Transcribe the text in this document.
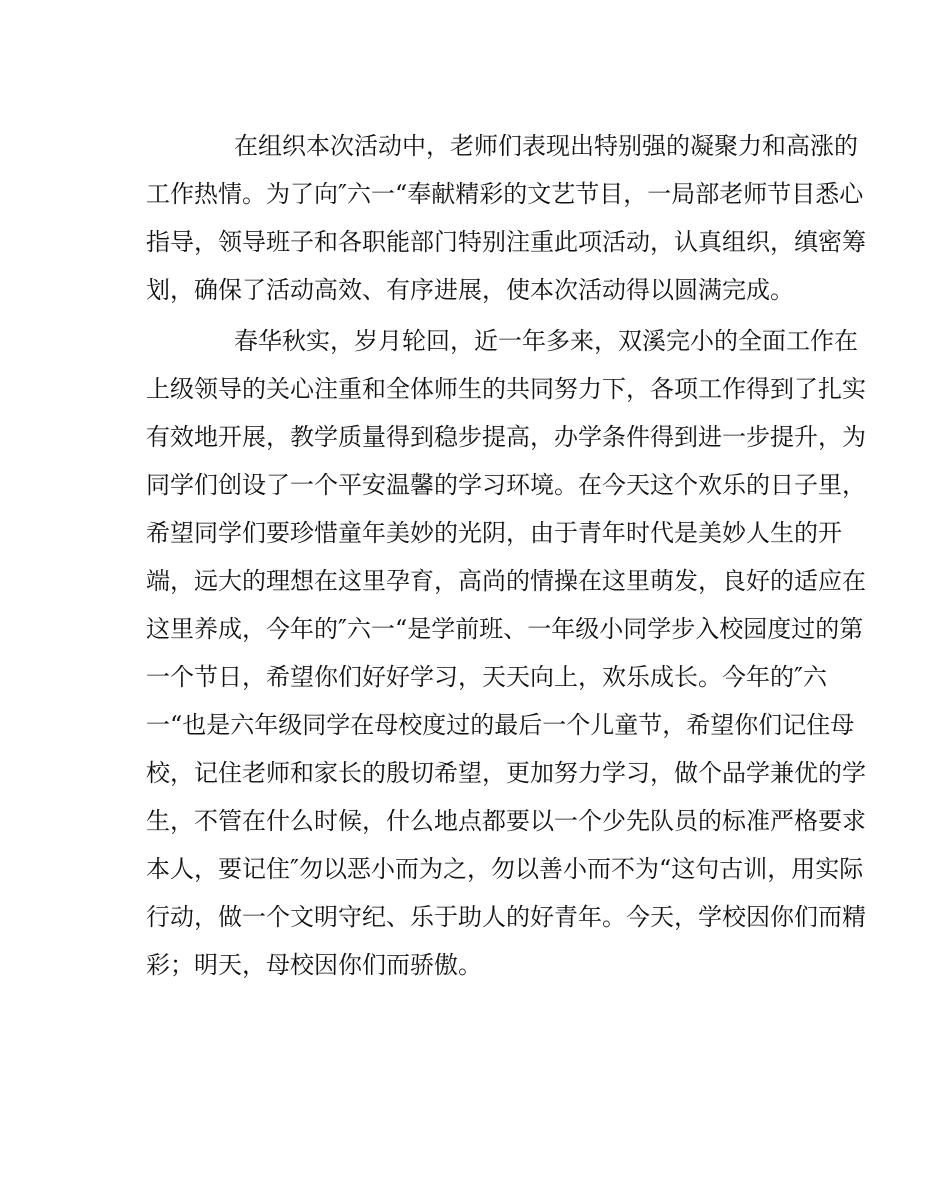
在组织本次活动中，老师们表现出特别强的凝聚力和高涨的

工作热情。为了向″六一“奉献精彩的文艺节目，一局部老师节目悉心

指导，领导班子和各职能部门特别注重此项活动，认真组织，缜密筹

划，确保了活动高效、有序进展，使本次活动得以圆满完成。

春华秋实，岁月轮回，近一年多来，双溪完小的全面工作在

上级领导的关心注重和全体师生的共同努力下，各项工作得到了扎实

有效地开展，教学质量得到稳步提高，办学条件得到进一步提升，为

同学们创设了一个平安温馨的学习环境。在今天这个欢乐的日子里，

希望同学们要珍惜童年美妙的光阴，由于青年时代是美妙人生的开

端，远大的理想在这里孕育，高尚的情操在这里萌发，良好的适应在

这里养成，今年的″六一“是学前班、一年级小同学步入校园度过的第

一个节日，希望你们好好学习，天天向上，欢乐成长。今年的″六

一“也是六年级同学在母校度过的最后一个儿童节，希望你们记住母

校，记住老师和家长的殷切希望，更加努力学习，做个品学兼优的学

生，不管在什么时候，什么地点都要以一个少先队员的标准严格要求

本人，要记住″勿以恶小而为之，勿以善小而不为“这句古训，用实际

行动，做一个文明守纪、乐于助人的好青年。今天，学校因你们而精

彩；明天，母校因你们而骄傲。
